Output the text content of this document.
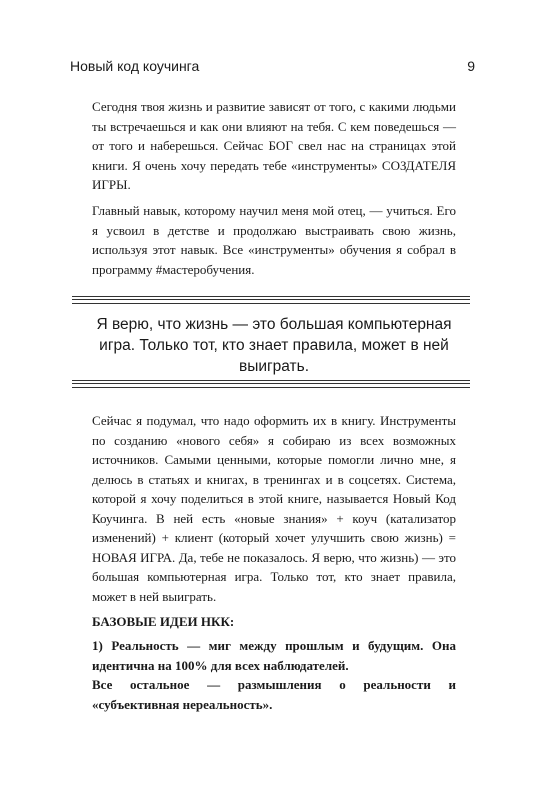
Новый код коучинга	9

Сегодня твоя жизнь и развитие зависят от того, с какими людьми ты встречаешься и как они влияют на тебя. С кем поведешься — от того и наберешься. Сейчас БОГ свел нас на страницах этой книги. Я очень хочу передать тебе «инструменты» СОЗДАТЕЛЯ ИГРЫ.

Главный навык, которому научил меня мой отец, — учиться. Его я усвоил в детстве и продолжаю выстраивать свою жизнь, используя этот навык. Все «инструменты» обучения я собрал в программу #мастеробучения.

Я верю, что жизнь — это большая компьютерная игра. Только тот, кто знает правила, может в ней выиграть.

Сейчас я подумал, что надо оформить их в книгу. Инструменты по созданию «нового себя» я собираю из всех возможных источников. Самыми ценными, которые помогли лично мне, я делюсь в статьях и книгах, в тренингах и в соцсетях. Система, которой я хочу поделиться в этой книге, называется Новый Код Коучинга. В ней есть «новые знания» + коуч (катализатор изменений) + клиент (который хочет улучшить свою жизнь) = НОВАЯ ИГРА. Да, тебе не показалось. Я верю, что жизнь) — это большая компьютерная игра. Только тот, кто знает правила, может в ней выиграть.

БАЗОВЫЕ ИДЕИ НКК:

1) Реальность — миг между прошлым и будущим. Она идентична на 100% для всех наблюдателей.

Все остальное — размышления о реальности и «субъективная нереальность».
